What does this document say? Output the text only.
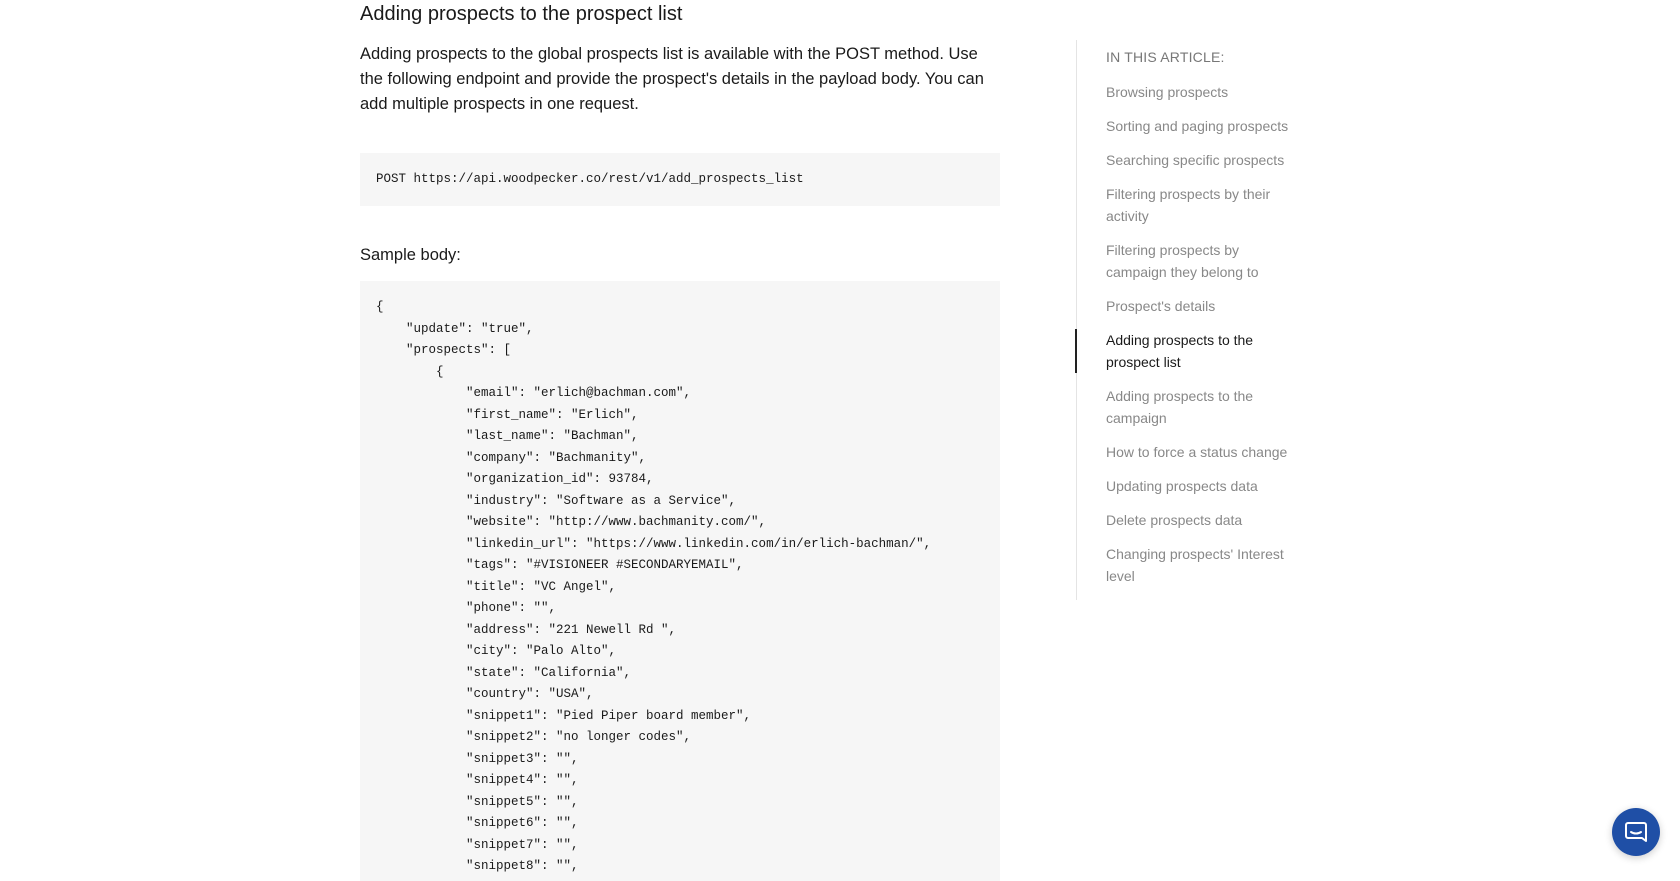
Adding prospects to the prospect list

Adding prospects to the global prospects list is available with the POST method. Use the following endpoint and provide the prospect's details in the payload body. You can add multiple prospects in one request.

POST https://api.woodpecker.co/rest/v1/add_prospects_list

Sample body:

{
"update": "true",
"prospects": [
{
"email": "erlich@bachman.com",
"first_name": "Erlich",
"last_name": "Bachman",
"company": "Bachmanity",
"organization_id": 93784,
"industry": "Software as a Service",
"website": "http://www.bachmanity.com/",
"linkedin_url": "https://www.linkedin.com/in/erlich-bachman/",
"tags": "#VISIONEER #SECONDARYEMAIL",
"title": "VC Angel",
"phone": "",
"address": "221 Newell Rd ",
"city": "Palo Alto",
"state": "California",
"country": "USA",
"snippet1": "Pied Piper board member",
"snippet2": "no longer codes",
"snippet3": "",
"snippet4": "",
"snippet5": "",
"snippet6": "",
"snippet7": "",
"snippet8": "",

IN THIS ARTICLE:

Browsing prospects
Sorting and paging prospects
Searching specific prospects
Filtering prospects by their activity
Filtering prospects by campaign they belong to
Prospect's details
Adding prospects to the prospect list
Adding prospects to the campaign
How to force a status change
Updating prospects data
Delete prospects data
Changing prospects' Interest level
